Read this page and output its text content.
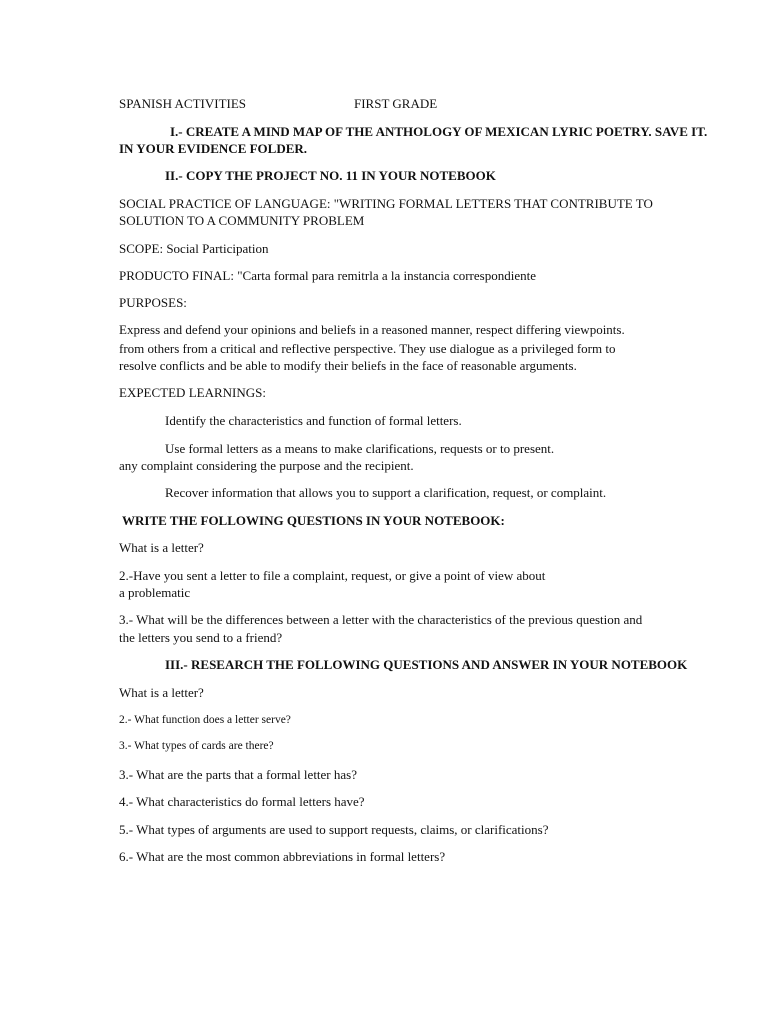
SPANISH ACTIVITIES	FIRST GRADE
I.- CREATE A MIND MAP OF THE ANTHOLOGY OF MEXICAN LYRIC POETRY. SAVE IT.
IN YOUR EVIDENCE FOLDER.
II.- COPY THE PROJECT NO. 11 IN YOUR NOTEBOOK
SOCIAL PRACTICE OF LANGUAGE: "WRITING FORMAL LETTERS THAT CONTRIBUTE TO
SOLUTION TO A COMMUNITY PROBLEM
SCOPE: Social Participation
PRODUCTO FINAL: "Carta formal para remitrla a la instancia correspondiente
PURPOSES:
Express and defend your opinions and beliefs in a reasoned manner, respect differing viewpoints.
from others from a critical and reflective perspective. They use dialogue as a privileged form to
resolve conflicts and be able to modify their beliefs in the face of reasonable arguments.
EXPECTED LEARNINGS:
Identify the characteristics and function of formal letters.
Use formal letters as a means to make clarifications, requests or to present.
any complaint considering the purpose and the recipient.
Recover information that allows you to support a clarification, request, or complaint.
WRITE THE FOLLOWING QUESTIONS IN YOUR NOTEBOOK:
What is a letter?
2.-Have you sent a letter to file a complaint, request, or give a point of view about
a problematic
3.- What will be the differences between a letter with the characteristics of the previous question and
the letters you send to a friend?
III.- RESEARCH THE FOLLOWING QUESTIONS AND ANSWER IN YOUR NOTEBOOK
What is a letter?
2.- What function does a letter serve?
3.- What types of cards are there?
3.- What are the parts that a formal letter has?
4.- What characteristics do formal letters have?
5.- What types of arguments are used to support requests, claims, or clarifications?
6.- What are the most common abbreviations in formal letters?
